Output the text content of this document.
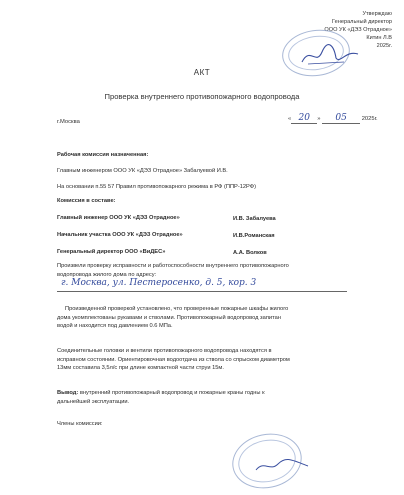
Утверждаю
Генеральный директор
ООО УК «ДЭЗ Отрадное»
Китин Л.В
2025г.
АКТ
Проверка внутреннего противопожарного водопровода
г.Москва	« 20 » 05	2025г.
Рабочая комиссия назначенная:
Главным инженером ООО УК «ДЭЗ Отрадное» Забалуевой И.В.
На основании п.55 57 Правил противопожарного режима в РФ (ППР-12РФ)
Комиссия в составе:
Главный инженер ООО УК «ДЭЗ Отрадное»	И.В. Забалуева
Начальник участка ООО УК «ДЭЗ Отрадное»	И.В.Романская
Генеральный директор ООО «ВиДЕС»	А.А. Волков
Произвели проверку исправности и работоспособности внутреннего противопожарного
водопровода жилого дома по адресу:
г. Москва, ул. Пестеросенко, д. 5, кор. 3
Произведенной проверкой установлено, что проверенные пожарные шкафы жилого
дома укомплектованы рукавами и стволами. Противопожарный водопровод запитан
водой и находится под давлением 0.6 МПа.
Соединительные головки и вентили противопожарного водопровода находятся в
исправном состоянии. Ориентировочная водоотдача из ствола со спрыском диаметром
13мм составила 3,5л/с при длине компактной части струи 15м.
Вывод: внутренний противопожарный водопровод и пожарные краны годны к
дальнейшей эксплуатации.
Члены комиссии:
